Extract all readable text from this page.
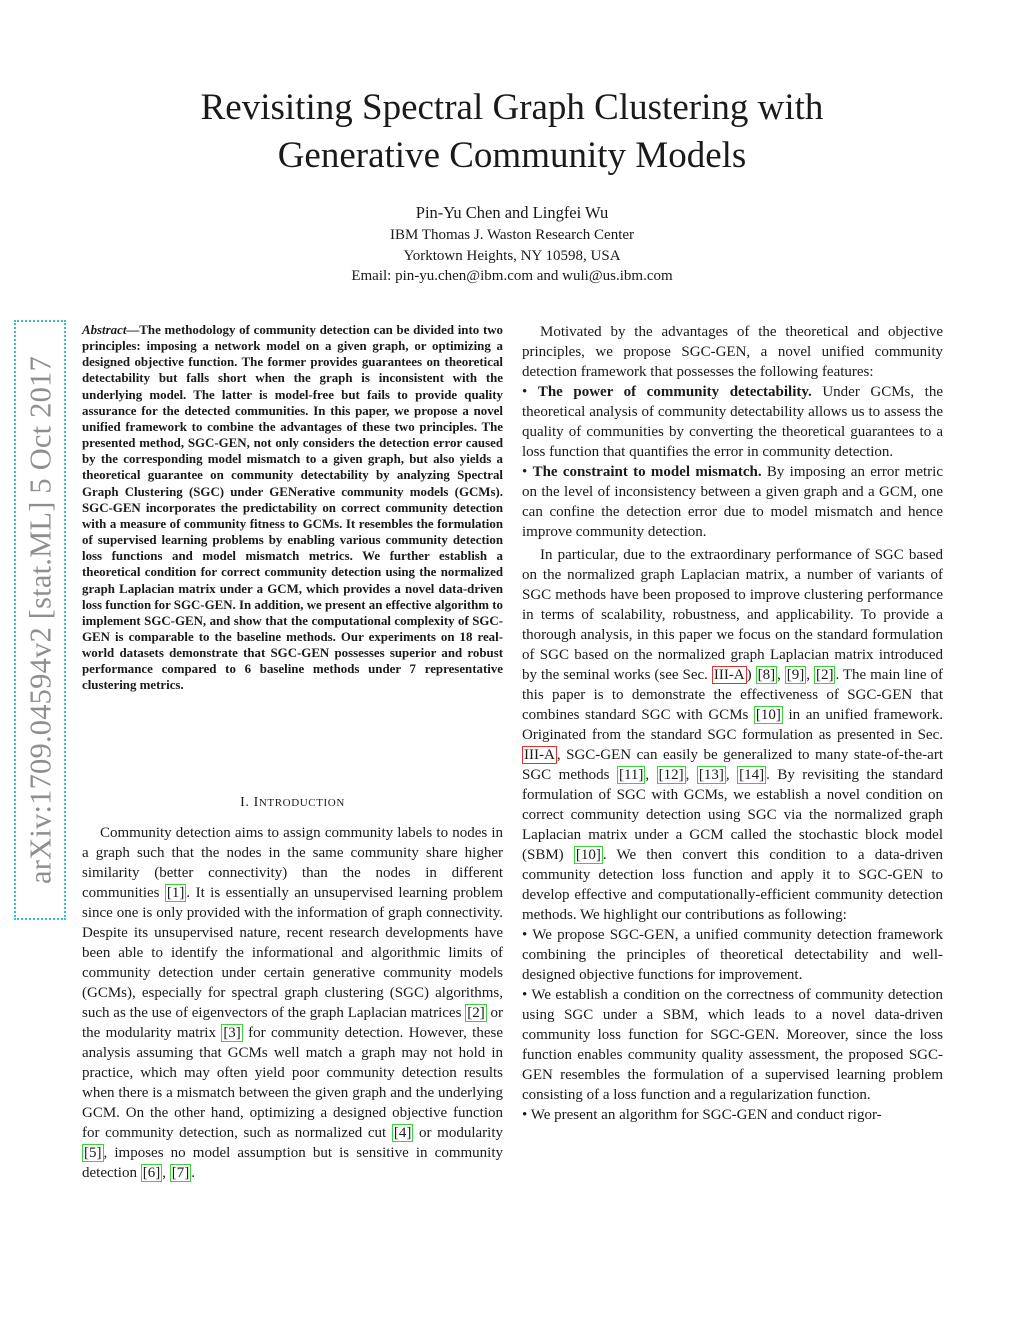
Revisiting Spectral Graph Clustering with
Generative Community Models
Pin-Yu Chen and Lingfei Wu
IBM Thomas J. Waston Research Center
Yorktown Heights, NY 10598, USA
Email: pin-yu.chen@ibm.com and wuli@us.ibm.com
arXiv:1709.04594v2 [stat.ML] 5 Oct 2017
Abstract—The methodology of community detection can be divided into two principles: imposing a network model on a given graph, or optimizing a designed objective function. The former provides guarantees on theoretical detectability but falls short when the graph is inconsistent with the underlying model. The latter is model-free but fails to provide quality assurance for the detected communities. In this paper, we propose a novel unified framework to combine the advantages of these two principles. The presented method, SGC-GEN, not only considers the detection error caused by the corresponding model mismatch to a given graph, but also yields a theoretical guarantee on community detectability by analyzing Spectral Graph Clustering (SGC) under GENerative community models (GCMs). SGC-GEN incorporates the predictability on correct community detection with a measure of community fitness to GCMs. It resembles the formulation of supervised learning problems by enabling various community detection loss functions and model mismatch metrics. We further establish a theoretical condition for correct community detection using the normalized graph Laplacian matrix under a GCM, which provides a novel data-driven loss function for SGC-GEN. In addition, we present an effective algorithm to implement SGC-GEN, and show that the computational complexity of SGC-GEN is comparable to the baseline methods. Our experiments on 18 real-world datasets demonstrate that SGC-GEN possesses superior and robust performance compared to 6 baseline methods under 7 representative clustering metrics.
I. INTRODUCTION

Community detection aims to assign community labels to nodes in a graph such that the nodes in the same community share higher similarity (better connectivity) than the nodes in different communities [1] . It is essentially an unsupervised learning problem since one is only provided with the information of graph connectivity. Despite its unsupervised nature, recent research developments have been able to identify the informational and algorithmic limits of community detection under certain generative community models (GCMs), especially for spectral graph clustering (SGC) algorithms, such as the use of eigenvectors of the graph Laplacian matrices [2] or the modularity matrix [3] for community detection. However, these analysis assuming that GCMs well match a graph may not hold in practice, which may often yield poor community detection results when there is a mismatch between the given graph and the underlying GCM. On the other hand, optimizing a designed objective function for community detection, such as normalized cut [4] or modularity [5] , imposes no model assumption but is sensitive in community detection [6] , [7] .

Motivated by the advantages of the theoretical and objective principles, we propose SGC-GEN, a novel unified community detection framework that possesses the following features:

• The power of community detectability. Under GCMs, the theoretical analysis of community detectability allows us to assess the quality of communities by converting the theoretical guarantees to a loss function that quantifies the error in community detection.

• The constraint to model mismatch. By imposing an error metric on the level of inconsistency between a given graph and a GCM, one can confine the detection error due to model mismatch and hence improve community detection.

In particular, due to the extraordinary performance of SGC based on the normalized graph Laplacian matrix, a number of variants of SGC methods have been proposed to improve clustering performance in terms of scalability, robustness, and applicability. To provide a thorough analysis, in this paper we focus on the standard formulation of SGC based on the normalized graph Laplacian matrix introduced by the seminal works (see Sec. III-A ) [8] , [9] , [2] . The main line of this paper is to demonstrate the effectiveness of SGC-GEN that combines standard SGC with GCMs [10] in an unified framework. Originated from the standard SGC formulation as presented in Sec. III-A , SGC-GEN can easily be generalized to many state-of-the-art SGC methods [11] , [12] , [13] , [14] . By revisiting the standard formulation of SGC with GCMs, we establish a novel condition on correct community detection using SGC via the normalized graph Laplacian matrix under a GCM called the stochastic block model (SBM) [10] . We then convert this condition to a data-driven community detection loss function and apply it to SGC-GEN to develop effective and computationally-efficient community detection methods. We highlight our contributions as following:

• We propose SGC-GEN, a unified community detection framework combining the principles of theoretical detectability and well-designed objective functions for improvement.

• We establish a condition on the correctness of community detection using SGC under a SBM, which leads to a novel data-driven community loss function for SGC-GEN. Moreover, since the loss function enables community quality assessment, the proposed SGC-GEN resembles the formulation of a supervised learning problem consisting of a loss function and a regularization function.

• We present an algorithm for SGC-GEN and conduct rigor-
